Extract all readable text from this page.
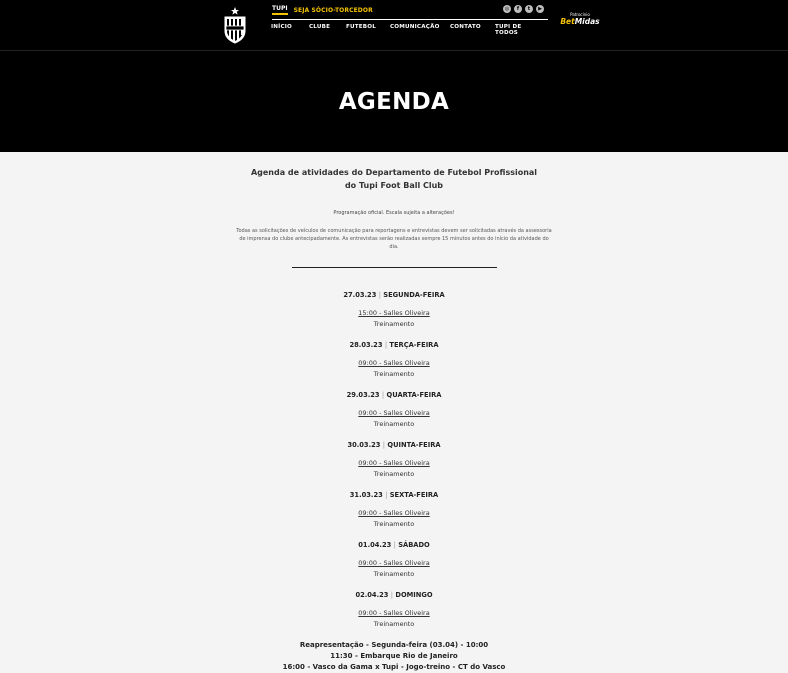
TUPI SEJA SÓCIO-TORCEDOR	◎	f	t	▶
INÍCIO	CLUBE	FUTEBOL	COMUNICAÇÃO	CONTATO	TUPI DE TODOS
Patrocínio
BetMidas
AGENDA
Agenda de atividades do Departamento de Futebol Profissional do Tupi Foot Ball Club
Programação oficial. Escala sujeita a alterações!
Todas as solicitações de veículos de comunicação para reportagens e entrevistas devem ser solicitadas através da assessoria de imprensa do clube antecipadamente. As entrevistas serão realizadas sempre 15 minutos antes do início da atividade do dia.
27.03.23 | SEGUNDA-FEIRA
15:00 - Salles Oliveira
Treinamento
28.03.23 | TERÇA-FEIRA
09:00 - Salles Oliveira
Treinamento
29.03.23 | QUARTA-FEIRA
09:00 - Salles Oliveira
Treinamento
30.03.23 | QUINTA-FEIRA
09:00 - Salles Oliveira
Treinamento
31.03.23 | SEXTA-FEIRA
09:00 - Salles Oliveira
Treinamento
01.04.23 | SÁBADO
09:00 - Salles Oliveira
Treinamento
02.04.23 | DOMINGO
09:00 - Salles Oliveira
Treinamento
Reapresentação - Segunda-feira (03.04) - 10:00
11:30 - Embarque Rio de Janeiro
16:00 - Vasco da Gama x Tupi - Jogo-treino - CT do Vasco
